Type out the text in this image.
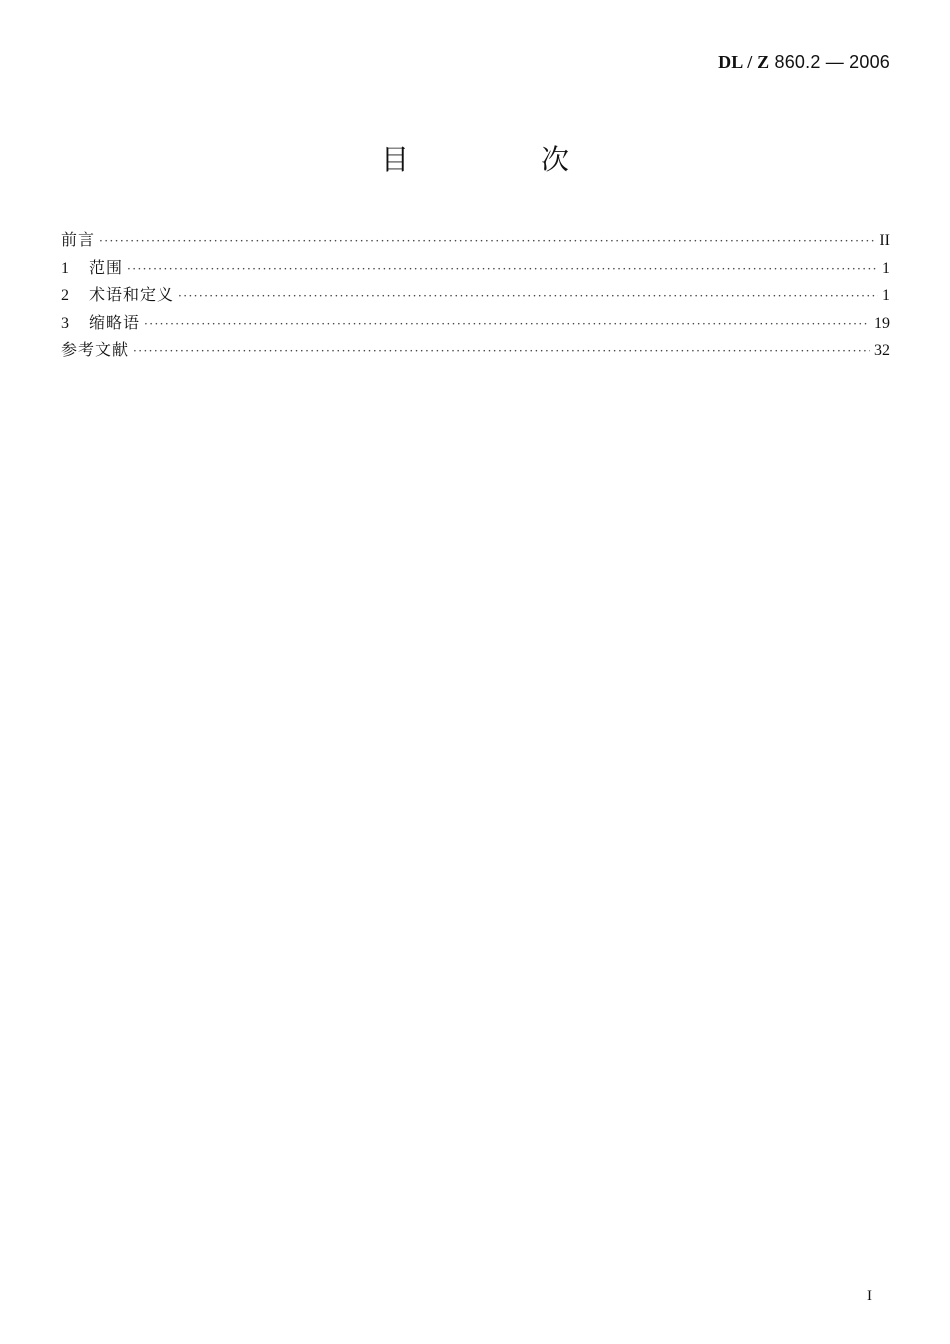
DL / Z 860.2 — 2006
目　次
前言 ·····	II
1	范围 ·····	1
2	术语和定义 ·····	1
3	缩略语 ·····	19
参考文献 ·····	32
I
